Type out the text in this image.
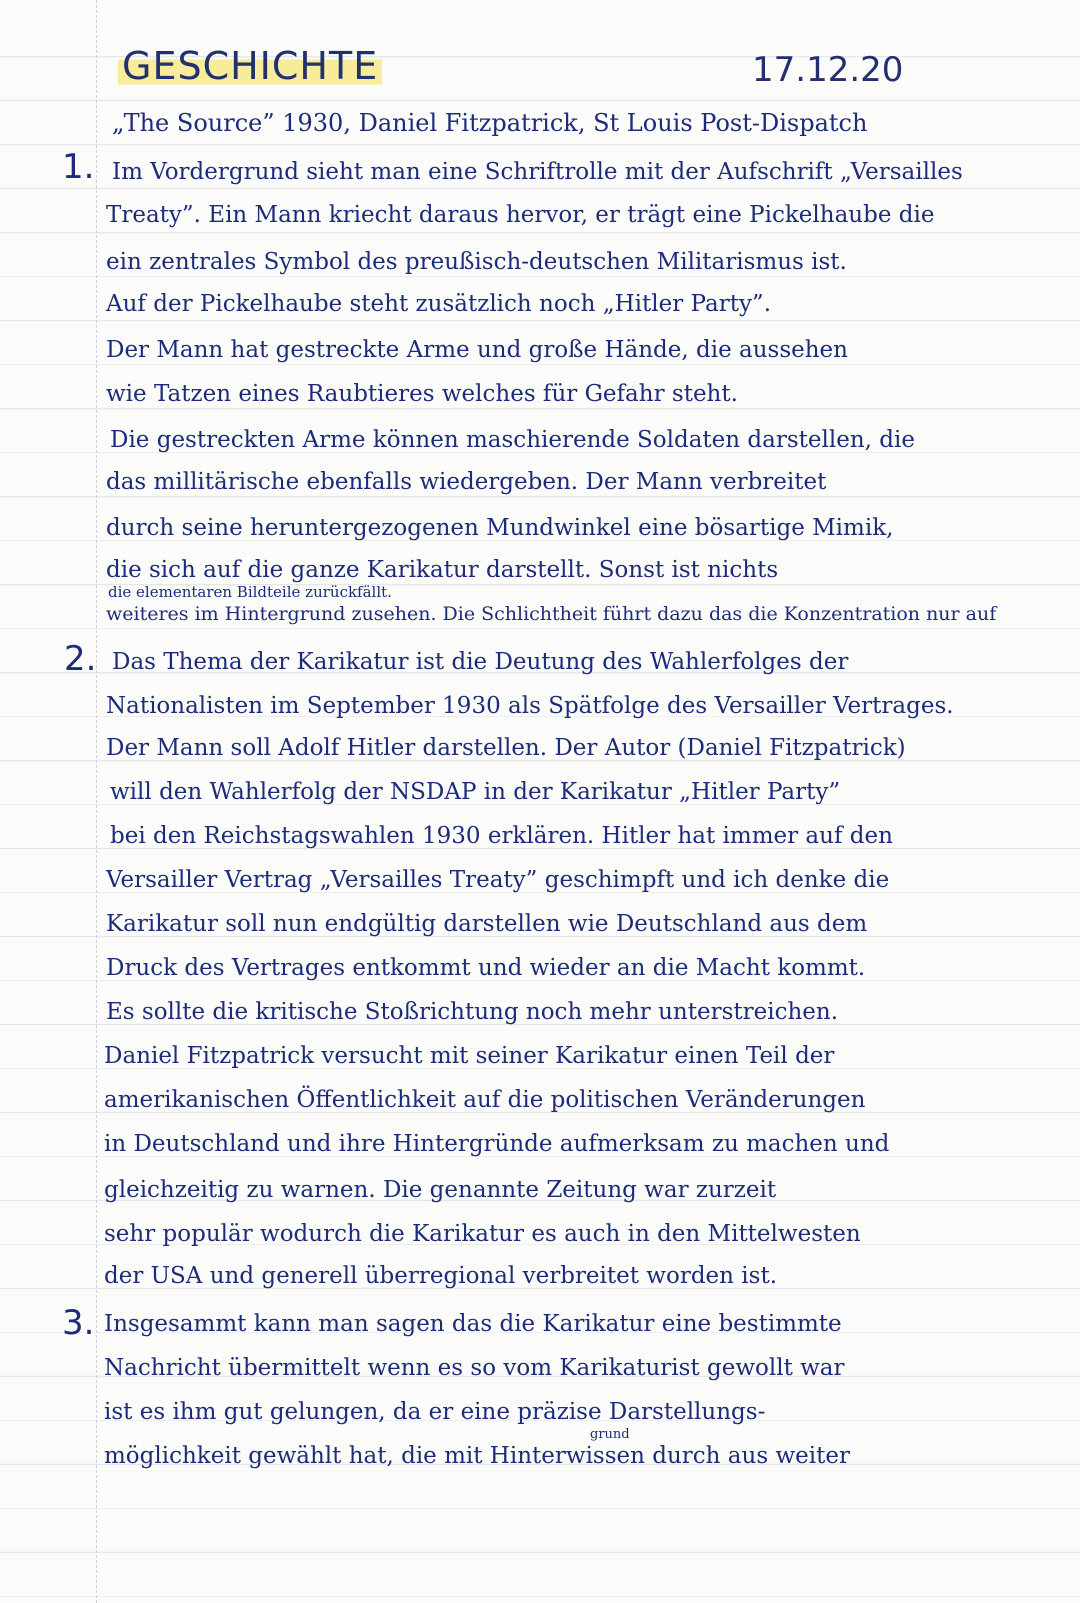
GESCHICHTE	17.12.20
„The Source” 1930, Daniel Fitzpatrick, St Louis Post-Dispatch
1. Im Vordergrund sieht man eine Schriftrolle mit der Aufschrift „Versailles
Treaty”. Ein Mann kriecht daraus hervor, er trägt eine Pickelhaube die
ein zentrales Symbol des preußisch-deutschen Militarismus ist.
Auf der Pickelhaube steht zusätzlich noch „Hitler Party”.
Der Mann hat gestreckte Arme und große Hände, die aussehen
wie Tatzen eines Raubtieres welches für Gefahr steht.
Die gestreckten Arme können maschierende Soldaten darstellen, die
das millitärische ebenfalls wiedergeben. Der Mann verbreitet
durch seine heruntergezogenen Mundwinkel eine bösartige Mimik,
die sich auf die ganze Karikatur darstellt. Sonst ist nichts
die elementaren Bildteile zurückfällt.
weiteres im Hintergrund zusehen. Die Schlichtheit führt dazu das die Konzentration nur auf
2. Das Thema der Karikatur ist die Deutung des Wahlerfolges der
Nationalisten im September 1930 als Spätfolge des Versailler Vertrages.
Der Mann soll Adolf Hitler darstellen. Der Autor (Daniel Fitzpatrick)
will den Wahlerfolg der NSDAP in der Karikatur „Hitler Party”
bei den Reichstagswahlen 1930 erklären. Hitler hat immer auf den
Versailler Vertrag „Versailles Treaty” geschimpft und ich denke die
Karikatur soll nun endgültig darstellen wie Deutschland aus dem
Druck des Vertrages entkommt und wieder an die Macht kommt.
Es sollte die kritische Stoßrichtung noch mehr unterstreichen.
Daniel Fitzpatrick versucht mit seiner Karikatur einen Teil der
amerikanischen Öffentlichkeit auf die politischen Veränderungen
in Deutschland und ihre Hintergründe aufmerksam zu machen und
gleichzeitig zu warnen. Die genannte Zeitung war zurzeit
sehr populär wodurch die Karikatur es auch in den Mittelwesten
der USA und generell überregional verbreitet worden ist.
3. Insgesammt kann man sagen das die Karikatur eine bestimmte
Nachricht übermittelt wenn es so vom Karikaturist gewollt war
ist es ihm gut gelungen, da er eine präzise Darstellungs-
grund
möglichkeit gewählt hat, die mit Hinterwissen durch aus weiter
